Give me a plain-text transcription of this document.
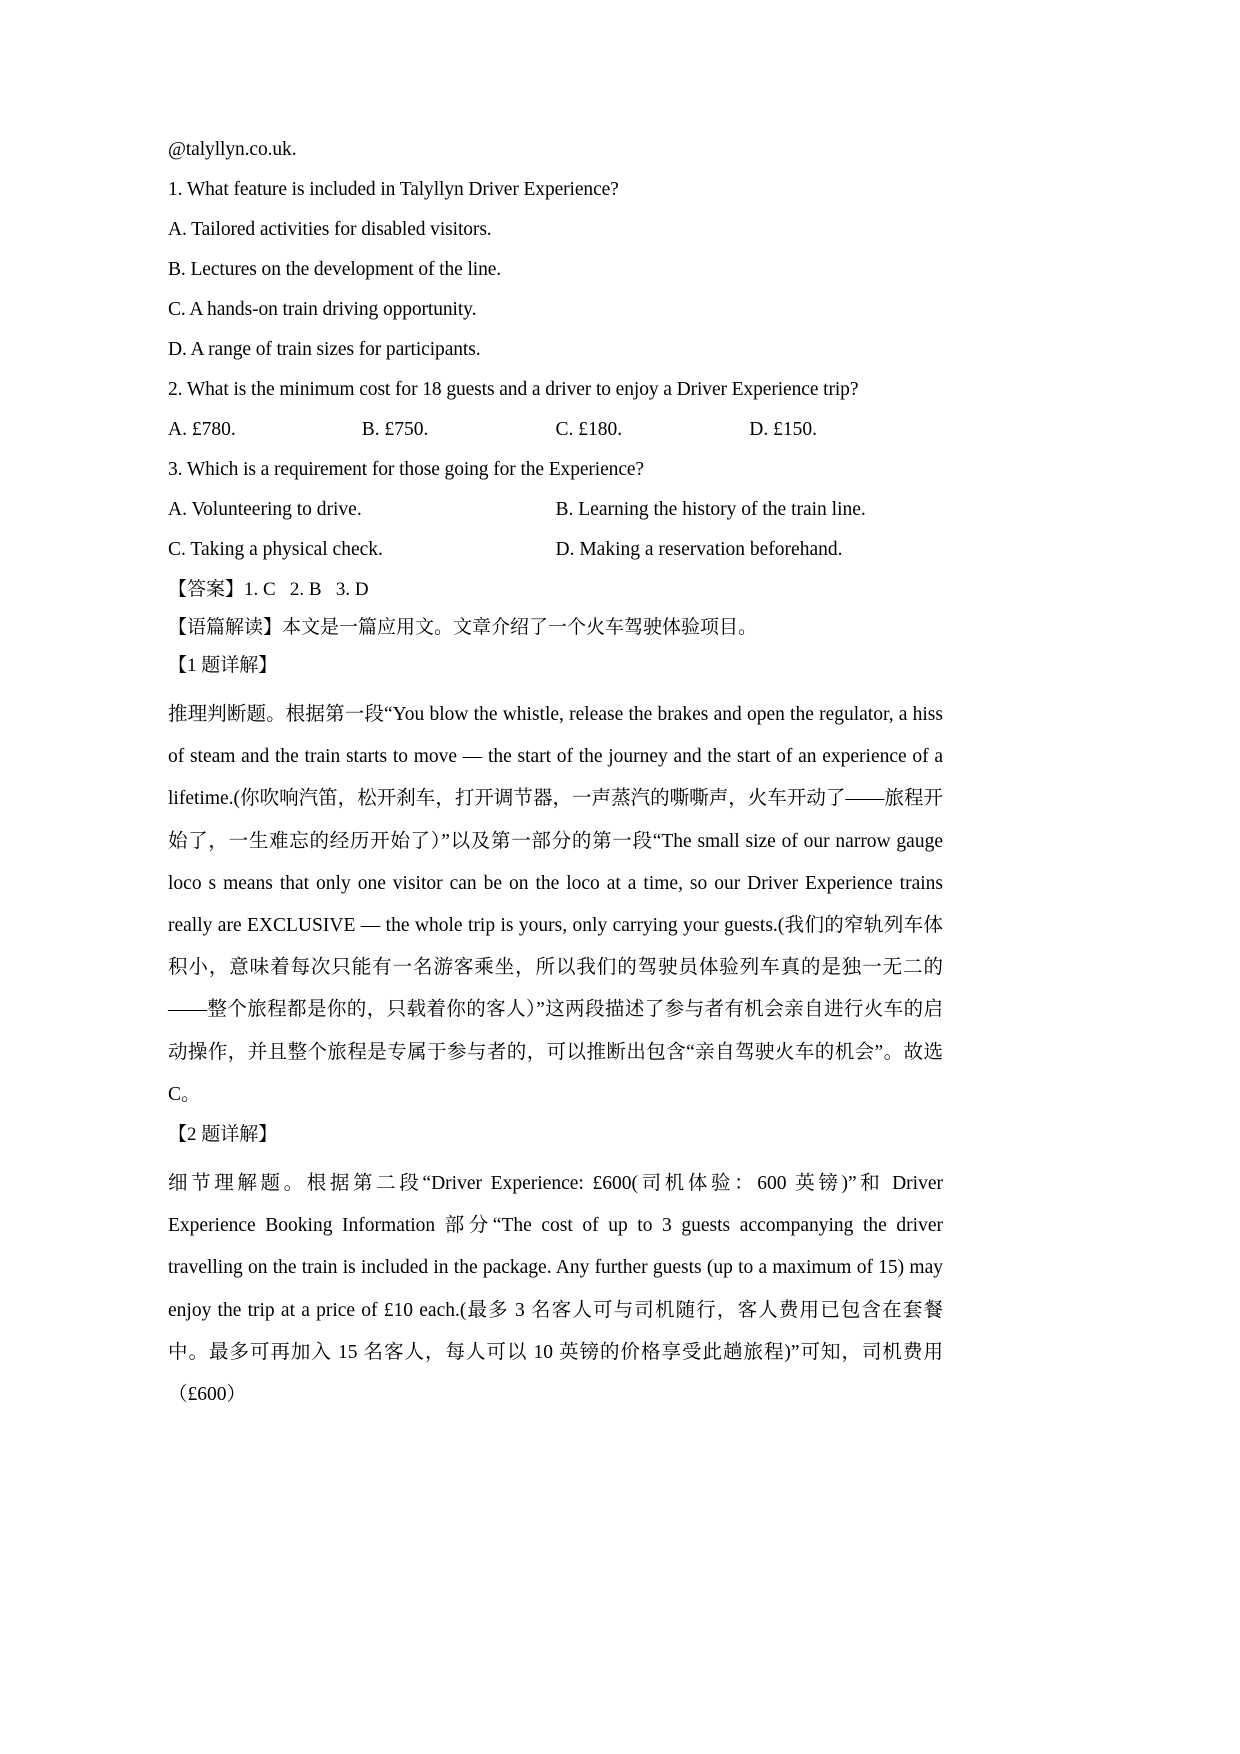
@talyllyn.co.uk.

1. What feature is included in Talyllyn Driver Experience?

A. Tailored activities for disabled visitors.

B. Lectures on the development of the line.

C. A hands-on train driving opportunity.

D. A range of train sizes for participants.

2. What is the minimum cost for 18 guests and a driver to enjoy a Driver Experience trip?

A. £780.	B. £750.	C. £180.	D. £150.

3. Which is a requirement for those going for the Experience?

A. Volunteering to drive.	B. Learning the history of the train line.
C. Taking a physical check.	D. Making a reservation beforehand.

【答案】1. C   2. B   3. D

【语篇解读】本文是一篇应用文。文章介绍了一个火车驾驶体验项目。

【1 题详解】

推理判断题。根据第一段“You blow the whistle, release the brakes and open the regulator, a hiss of steam and the train starts to move — the start of the journey and the start of an experience of a lifetime.(你吹响汽笛，松开刹车，打开调节器，一声蒸汽的嘶嘶声，火车开动了——旅程开始了，一生难忘的经历开始了）”以及第一部分的第一段“The small size of our narrow gauge loco s means that only one visitor can be on the loco at a time, so our Driver Experience trains really are EXCLUSIVE — the whole trip is yours, only carrying your guests.(我们的窄轨列车体积小，意味着每次只能有一名游客乘坐，所以我们的驾驶员体验列车真的是独一无二的——整个旅程都是你的，只载着你的客人）”这两段描述了参与者有机会亲自进行火车的启动操作，并且整个旅程是专属于参与者的，可以推断出包含“亲自驾驶火车的机会”。故选 C。

【2 题详解】

细节理解题。根据第二段“Driver Experience: £600(司机体验：600 英镑)”和 Driver Experience Booking Information 部分“The cost of up to 3 guests accompanying the driver travelling on the train is included in the package. Any further guests (up to a maximum of 15) may enjoy the trip at a price of £10 each.(最多 3 名客人可与司机随行，客人费用已包含在套餐中。最多可再加入 15 名客人，每人可以 10 英镑的价格享受此趟旅程)”可知，司机费用（£600）
